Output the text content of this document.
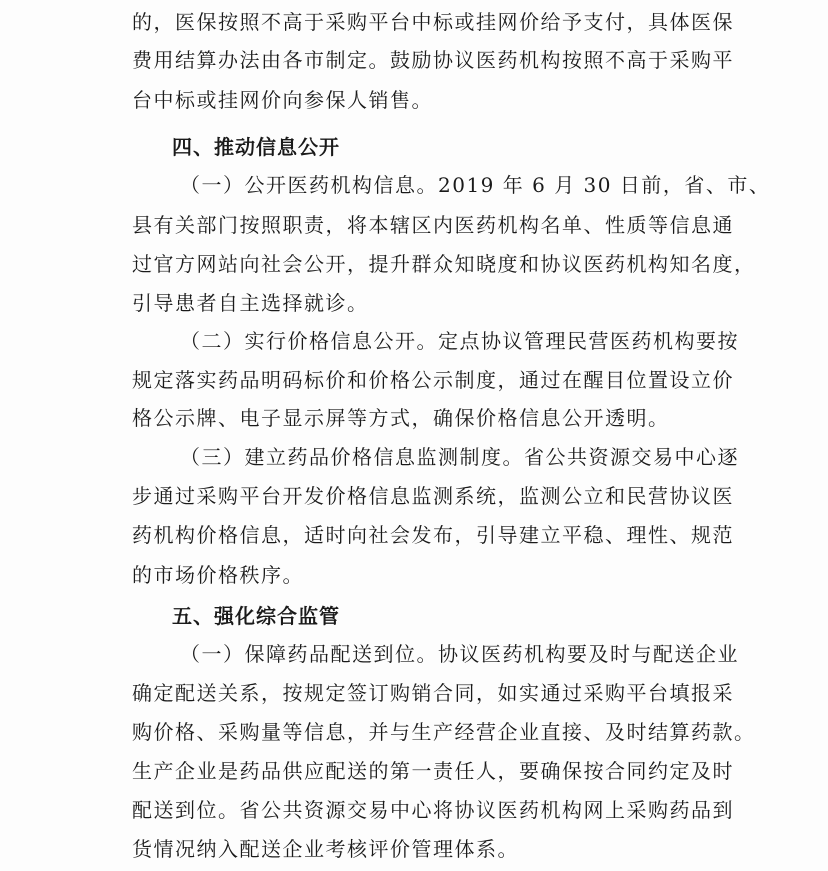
的，医保按照不高于采购平台中标或挂网价给予支付，具体医保
费用结算办法由各市制定。鼓励协议医药机构按照不高于采购平
台中标或挂网价向参保人销售。
四、推动信息公开
（一）公开医药机构信息。2019 年 6 月 30 日前，省、市、
县有关部门按照职责，将本辖区内医药机构名单、性质等信息通
过官方网站向社会公开，提升群众知晓度和协议医药机构知名度，
引导患者自主选择就诊。
（二）实行价格信息公开。定点协议管理民营医药机构要按
规定落实药品明码标价和价格公示制度，通过在醒目位置设立价
格公示牌、电子显示屏等方式，确保价格信息公开透明。
（三）建立药品价格信息监测制度。省公共资源交易中心逐
步通过采购平台开发价格信息监测系统，监测公立和民营协议医
药机构价格信息，适时向社会发布，引导建立平稳、理性、规范
的市场价格秩序。
五、强化综合监管
（一）保障药品配送到位。协议医药机构要及时与配送企业
确定配送关系，按规定签订购销合同，如实通过采购平台填报采
购价格、采购量等信息，并与生产经营企业直接、及时结算药款。
生产企业是药品供应配送的第一责任人，要确保按合同约定及时
配送到位。省公共资源交易中心将协议医药机构网上采购药品到
货情况纳入配送企业考核评价管理体系。
